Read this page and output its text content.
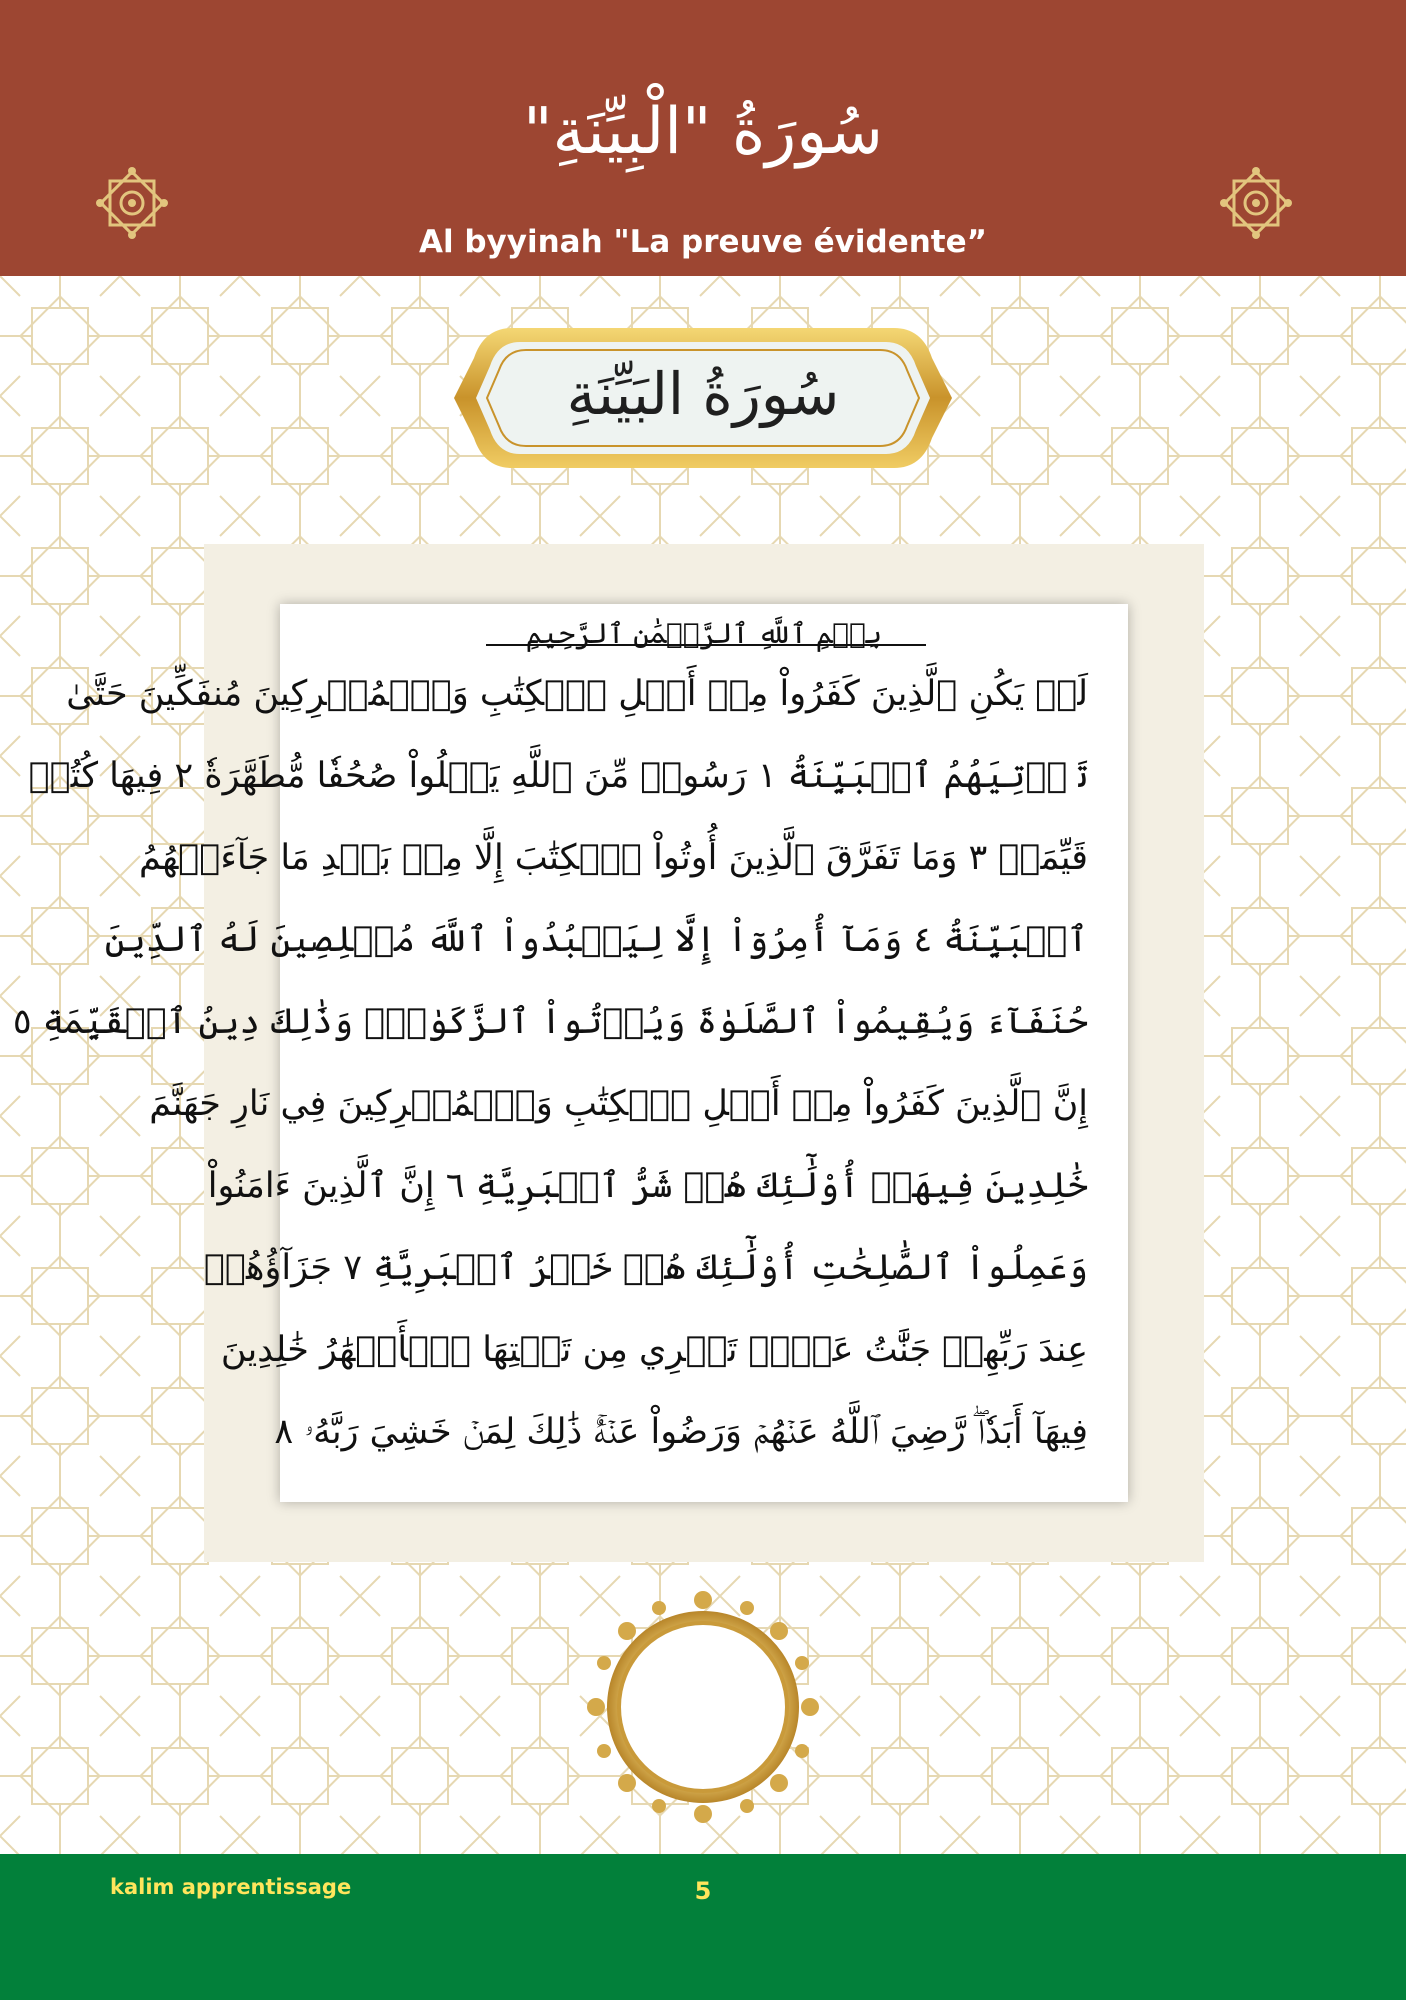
سُورَةُ "الْبِيِّنَةِ"
Al byyinah "La preuve évidente”
سُورَةُ البَيِّنَةِ
بِسۡمِ ٱللَّهِ ٱلرَّحۡمَٰنِ ٱلرَّحِيمِ
لَمۡ يَكُنِ ٱلَّذِينَ كَفَرُواْ مِنۡ أَهۡلِ ٱلۡكِتَٰبِ وَٱلۡمُشۡرِكِينَ مُنفَكِّينَ حَتَّىٰ
تَأۡتِيَهُمُ ٱلۡبَيِّنَةُ ١ رَسُولٞ مِّنَ ٱللَّهِ يَتۡلُواْ صُحُفٗا مُّطَهَّرَةٗ ٢ فِيهَا كُتُبٞ
قَيِّمَةٞ ٣ وَمَا تَفَرَّقَ ٱلَّذِينَ أُوتُواْ ٱلۡكِتَٰبَ إِلَّا مِنۢ بَعۡدِ مَا جَآءَتۡهُمُ
ٱلۡبَيِّنَةُ ٤ وَمَآ أُمِرُوٓاْ إِلَّا لِيَعۡبُدُواْ ٱللَّهَ مُخۡلِصِينَ لَهُ ٱلدِّينَ
حُنَفَآءَ وَيُقِيمُواْ ٱلصَّلَوٰةَ وَيُؤۡتُواْ ٱلزَّكَوٰةَۚ وَذَٰلِكَ دِينُ ٱلۡقَيِّمَةِ ٥
إِنَّ ٱلَّذِينَ كَفَرُواْ مِنۡ أَهۡلِ ٱلۡكِتَٰبِ وَٱلۡمُشۡرِكِينَ فِي نَارِ جَهَنَّمَ
خَٰلِدِينَ فِيهَآۚ أُوْلَٰٓئِكَ هُمۡ شَرُّ ٱلۡبَرِيَّةِ ٦ إِنَّ ٱلَّذِينَ ءَامَنُواْ
وَعَمِلُواْ ٱلصَّٰلِحَٰتِ أُوْلَٰٓئِكَ هُمۡ خَيۡرُ ٱلۡبَرِيَّةِ ٧ جَزَآؤُهُمۡ
عِندَ رَبِّهِمۡ جَنَّٰتُ عَدۡنٖ تَجۡرِي مِن تَحۡتِهَا ٱلۡأَنۡهَٰرُ خَٰلِدِينَ
فِيهَآ أَبَدٗاۖ رَّضِيَ ٱللَّهُ عَنۡهُمۡ وَرَضُواْ عَنۡهُۚ ذَٰلِكَ لِمَنۡ خَشِيَ رَبَّهُۥ ٨
kalim apprentissage	5
